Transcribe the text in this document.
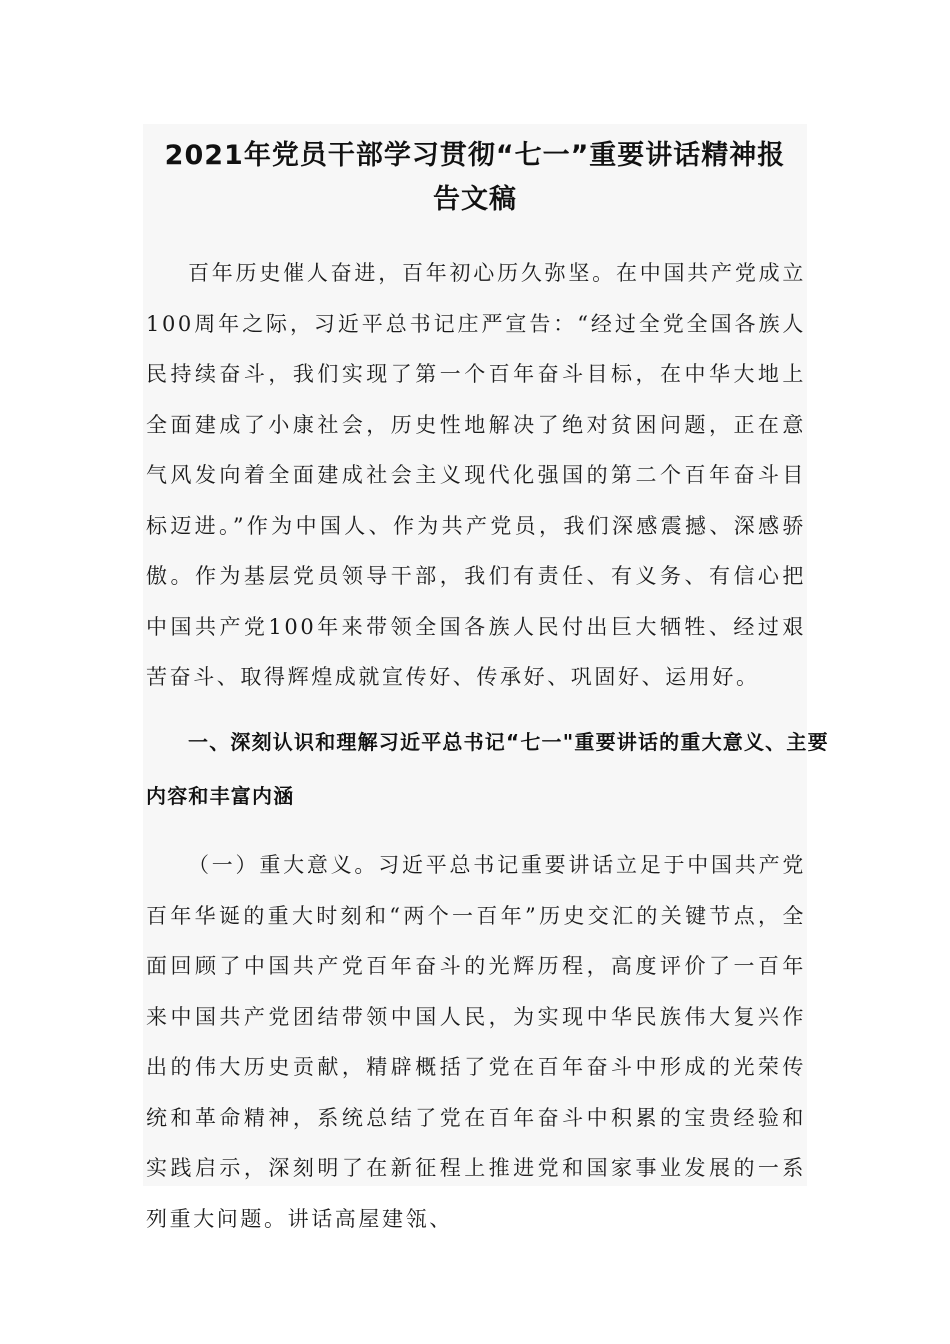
2021年党员干部学习贯彻“七一”重要讲话精神报
告文稿

百年历史催人奋进，百年初心历久弥坚。在中国共产党成立100周年之际，习近平总书记庄严宣告：“经过全党全国各族人民持续奋斗，我们实现了第一个百年奋斗目标，在中华大地上全面建成了小康社会，历史性地解决了绝对贫困问题，正在意气风发向着全面建成社会主义现代化强国的第二个百年奋斗目标迈进。”作为中国人、作为共产党员，我们深感震撼、深感骄傲。作为基层党员领导干部，我们有责任、有义务、有信心把中国共产党100年来带领全国各族人民付出巨大牺牲、经过艰苦奋斗、取得辉煌成就宣传好、传承好、巩固好、运用好。

一、深刻认识和理解习近平总书记“七一"重要讲话的重大意义、主要内容和丰富内涵

（一）重大意义。习近平总书记重要讲话立足于中国共产党百年华诞的重大时刻和“两个一百年”历史交汇的关键节点，全面回顾了中国共产党百年奋斗的光辉历程，高度评价了一百年来中国共产党团结带领中国人民，为实现中华民族伟大复兴作出的伟大历史贡献，精辟概括了党在百年奋斗中形成的光荣传统和革命精神，系统总结了党在百年奋斗中积累的宝贵经验和实践启示，深刻明了在新征程上推进党和国家事业发展的一系列重大问题。讲话高屋建瓴、
